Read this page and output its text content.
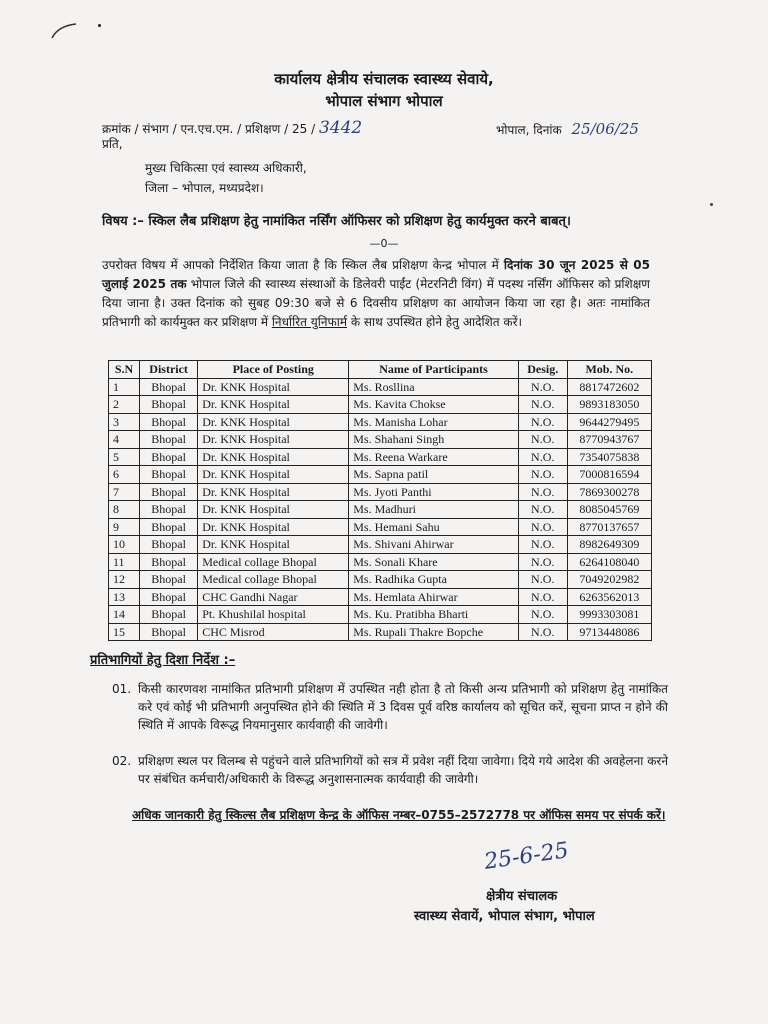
कार्यालय क्षेत्रीय संचालक स्वास्थ्य सेवाये,
भोपाल संभाग भोपाल
क्रमांक / संभाग / एन.एच.एम. / प्रशिक्षण / 25 / 3442	भोपाल, दिनांक 25/06/25
प्रति,
मुख्य चिकित्सा एवं स्वास्थ्य अधिकारी,
जिला – भोपाल, मध्यप्रदेश।
विषय :– स्किल लैब प्रशिक्षण हेतु नामांकित नर्सिंग ऑफिसर को प्रशिक्षण हेतु कार्यमुक्त करने बाबत्।
—0—
उपरोक्त विषय में आपको निर्देशित किया जाता है कि स्किल लैब प्रशिक्षण केन्द्र भोपाल में दिनांक 30 जून 2025 से 05 जुलाई 2025 तक भोपाल जिले की स्वास्थ्य संस्थाओं के डिलेवरी पाईंट (मेटरनिटी विंग) में पदस्थ नर्सिंग ऑफिसर को प्रशिक्षण दिया जाना है। उक्त दिनांक को सुबह 09:30 बजे से 6 दिवसीय प्रशिक्षण का आयोजन किया जा रहा है। अतः नामांकित प्रतिभागी को कार्यमुक्त कर प्रशिक्षण में निर्धारित युनिफार्म के साथ उपस्थित होने हेतु आदेशित करें।
S.N	District	Place of Posting	Name of Participants	Desig.	Mob. No.
1	Bhopal	Dr. KNK Hospital	Ms. Rosllina	N.O.	8817472602
2	Bhopal	Dr. KNK Hospital	Ms. Kavita Chokse	N.O.	9893183050
3	Bhopal	Dr. KNK Hospital	Ms. Manisha Lohar	N.O.	9644279495
4	Bhopal	Dr. KNK Hospital	Ms. Shahani Singh	N.O.	8770943767
5	Bhopal	Dr. KNK Hospital	Ms. Reena Warkare	N.O.	7354075838
6	Bhopal	Dr. KNK Hospital	Ms. Sapna patil	N.O.	7000816594
7	Bhopal	Dr. KNK Hospital	Ms. Jyoti Panthi	N.O.	7869300278
8	Bhopal	Dr. KNK Hospital	Ms. Madhuri	N.O.	8085045769
9	Bhopal	Dr. KNK Hospital	Ms. Hemani Sahu	N.O.	8770137657
10	Bhopal	Dr. KNK Hospital	Ms. Shivani Ahirwar	N.O.	8982649309
11	Bhopal	Medical collage Bhopal	Ms. Sonali Khare	N.O.	6264108040
12	Bhopal	Medical collage Bhopal	Ms. Radhika Gupta	N.O.	7049202982
13	Bhopal	CHC Gandhi Nagar	Ms. Hemlata Ahirwar	N.O.	6263562013
14	Bhopal	Pt. Khushilal hospital	Ms. Ku. Pratibha Bharti	N.O.	9993303081
15	Bhopal	CHC Misrod	Ms. Rupali Thakre Bopche	N.O.	9713448086
प्रतिभागियों हेतु दिशा निर्देश :–
01. किसी कारणवश नामांकित प्रतिभागी प्रशिक्षण में उपस्थित नही होता है तो किसी अन्य प्रतिभागी को प्रशिक्षण हेतु नामांकित करे एवं कोई भी प्रतिभागी अनुपस्थित होने की स्थिति में 3 दिवस पूर्व वरिष्ठ कार्यालय को सूचित करें, सूचना प्राप्त न होने की स्थिति में आपके विरूद्ध नियमानुसार कार्यवाही की जावेगी।
02. प्रशिक्षण स्थल पर विलम्ब से पहुंचने वाले प्रतिभागियों को सत्र में प्रवेश नहीं दिया जावेगा। दिये गये आदेश की अवहेलना करने पर संबंधित कर्मचारी/अधिकारी के विरूद्ध अनुशासनात्मक कार्यवाही की जावेगी।
अधिक जानकारी हेतु स्किल्स लैब प्रशिक्षण केन्द्र के ऑफिस नम्बर–0755–2572778 पर ऑफिस समय पर संपर्क करें।
25-6-25
क्षेत्रीय संचालक
स्वास्थ्य सेवायें, भोपाल संभाग, भोपाल
